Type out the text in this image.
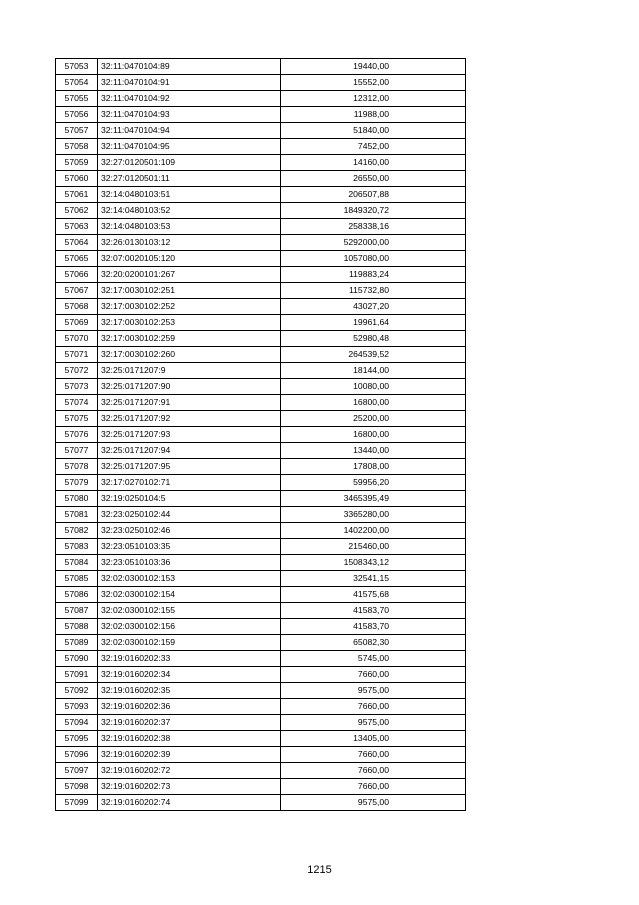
57053	32:11:0470104:89	19440,00
57054	32:11:0470104:91	15552,00
57055	32:11:0470104:92	12312,00
57056	32:11:0470104:93	11988,00
57057	32:11:0470104:94	51840,00
57058	32:11:0470104:95	7452,00
57059	32:27:0120501:109	14160,00
57060	32:27:0120501:11	26550,00
57061	32:14:0480103:51	206507,88
57062	32:14:0480103:52	1849320,72
57063	32:14:0480103:53	258338,16
57064	32:26:0130103:12	5292000,00
57065	32:07:0020105:120	1057080,00
57066	32:20:0200101:267	119883,24
57067	32:17:0030102:251	115732,80
57068	32:17:0030102:252	43027,20
57069	32:17:0030102:253	19961,64
57070	32:17:0030102:259	52980,48
57071	32:17:0030102:260	264539,52
57072	32:25:0171207:9	18144,00
57073	32:25:0171207:90	10080,00
57074	32:25:0171207:91	16800,00
57075	32:25:0171207:92	25200,00
57076	32:25:0171207:93	16800,00
57077	32:25:0171207:94	13440,00
57078	32:25:0171207:95	17808,00
57079	32:17:0270102:71	59956,20
57080	32:19:0250104:5	3465395,49
57081	32:23:0250102:44	3365280,00
57082	32:23:0250102:46	1402200,00
57083	32:23:0510103:35	215460,00
57084	32:23:0510103:36	1508343,12
57085	32:02:0300102:153	32541,15
57086	32:02:0300102:154	41575,68
57087	32:02:0300102:155	41583,70
57088	32:02:0300102:156	41583,70
57089	32:02:0300102:159	65082,30
57090	32:19:0160202:33	5745,00
57091	32:19:0160202:34	7660,00
57092	32:19:0160202:35	9575,00
57093	32:19:0160202:36	7660,00
57094	32:19:0160202:37	9575,00
57095	32:19:0160202:38	13405,00
57096	32:19:0160202:39	7660,00
57097	32:19:0160202:72	7660,00
57098	32:19:0160202:73	7660,00
57099	32:19:0160202:74	9575,00
1215
